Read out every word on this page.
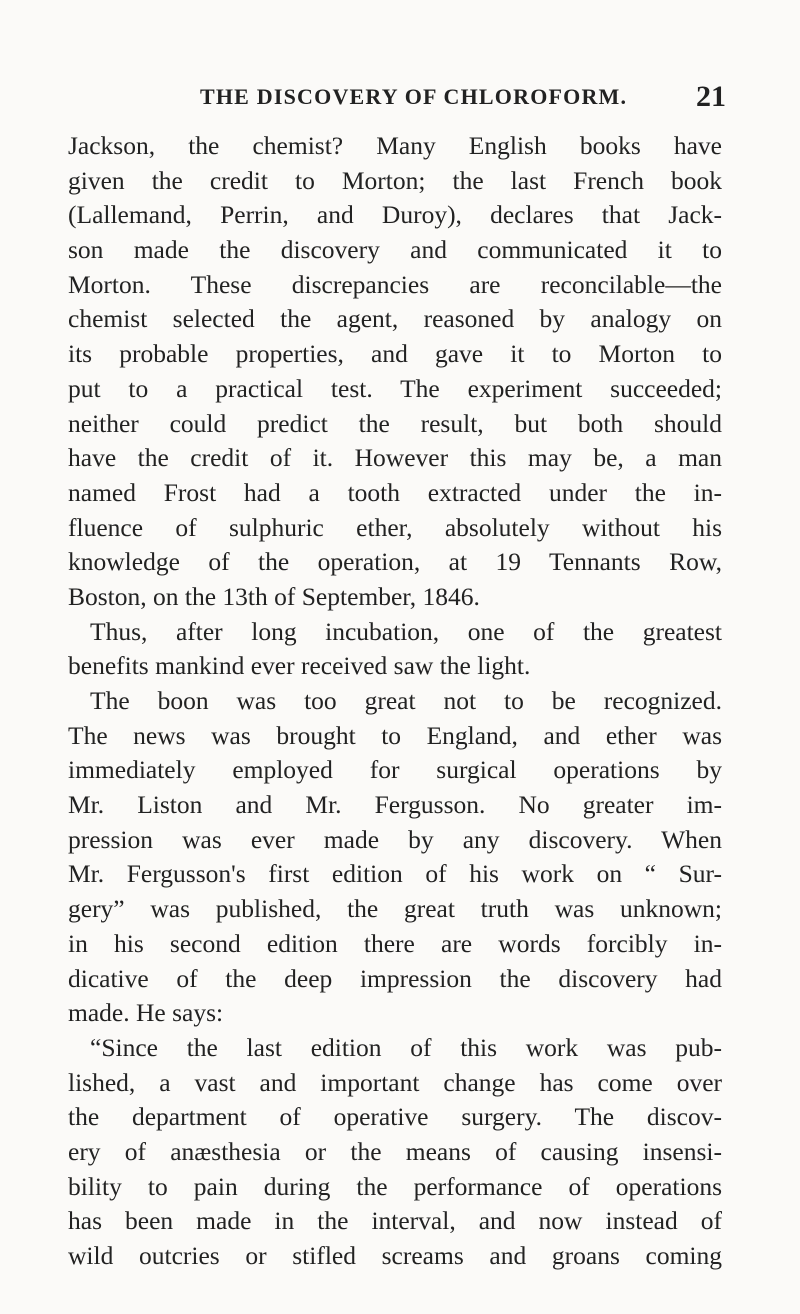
THE DISCOVERY OF CHLOROFORM. 21
Jackson, the chemist? Many English books have
given the credit to Morton; the last French book
(Lallemand, Perrin, and Duroy), declares that Jack-
son made the discovery and communicated it to
Morton. These discrepancies are reconcilable—the
chemist selected the agent, reasoned by analogy on
its probable properties, and gave it to Morton to
put to a practical test. The experiment succeeded;
neither could predict the result, but both should
have the credit of it. However this may be, a man
named Frost had a tooth extracted under the in-
fluence of sulphuric ether, absolutely without his
knowledge of the operation, at 19 Tennants Row,
Boston, on the 13th of September, 1846.
Thus, after long incubation, one of the greatest
benefits mankind ever received saw the light.
The boon was too great not to be recognized.
The news was brought to England, and ether was
immediately employed for surgical operations by
Mr. Liston and Mr. Fergusson. No greater im-
pression was ever made by any discovery. When
Mr. Fergusson's first edition of his work on “ Sur-
gery” was published, the great truth was unknown;
in his second edition there are words forcibly in-
dicative of the deep impression the discovery had
made. He says:
“Since the last edition of this work was pub-
lished, a vast and important change has come over
the department of operative surgery. The discov-
ery of anæsthesia or the means of causing insensi-
bility to pain during the performance of operations
has been made in the interval, and now instead of
wild outcries or stifled screams and groans coming
